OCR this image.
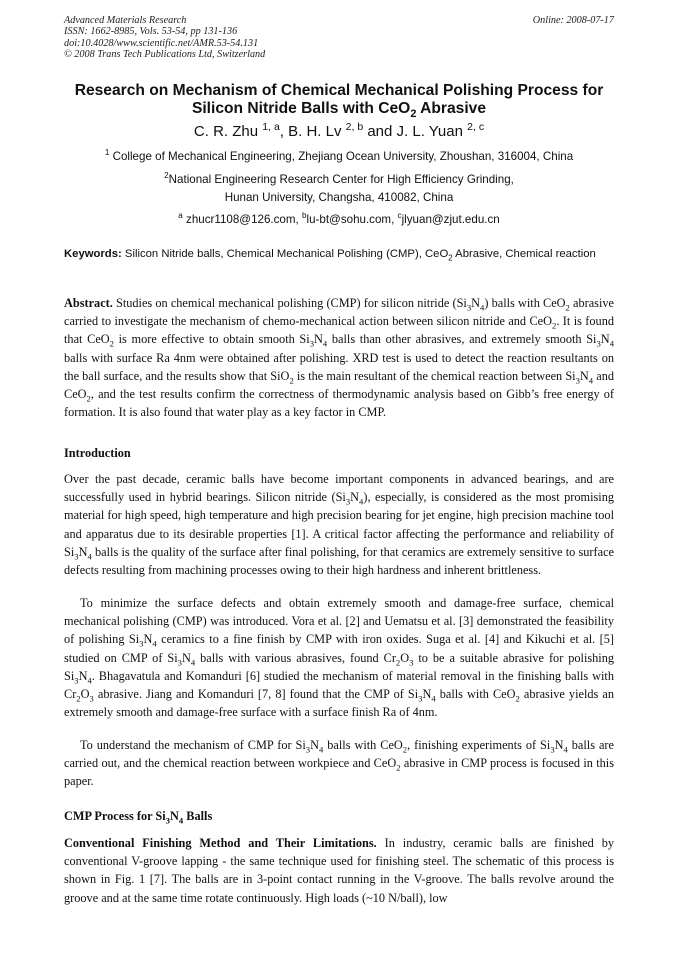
Advanced Materials Research
ISSN: 1662-8985, Vols. 53-54, pp 131-136
doi:10.4028/www.scientific.net/AMR.53-54.131
© 2008 Trans Tech Publications Ltd, Switzerland
Online: 2008-07-17
Research on Mechanism of Chemical Mechanical Polishing Process for
Silicon Nitride Balls with CeO$_2$ Abrasive
C. R. Zhu $^{1, a}$, B. H. Lv $^{2, b}$ and J. L. Yuan $^{2, c}$
$^1$ College of Mechanical Engineering, Zhejiang Ocean University, Zhoushan, 316004, China
$^2$National Engineering Research Center for High Efficiency Grinding,
Hunan University, Changsha, 410082, China
$^a$ zhucr1108@126.com, $^b$lu-bt@sohu.com, $^c$jlyuan@zjut.edu.cn
Keywords: Silicon Nitride balls, Chemical Mechanical Polishing (CMP), CeO$_2$ Abrasive, Chemical reaction
Abstract. Studies on chemical mechanical polishing (CMP) for silicon nitride $(Si_3N_4)$ balls with CeO$_2$ abrasive carried to investigate the mechanism of chemo-mechanical action between silicon nitride and CeO$_2$. It is found that CeO$_2$ is more effective to obtain smooth $Si_3N_4$ balls than other abrasives, and extremely smooth $Si_3N_4$ balls with surface Ra 4nm were obtained after polishing. XRD test is used to detect the reaction resultants on the ball surface, and the results show that SiO$_2$ is the main resultant of the chemical reaction between $Si_3N_4$ and CeO$_2$, and the test results confirm the correctness of thermodynamic analysis based on Gibb’s free energy of formation. It is also found that water play as a key factor in CMP.
Introduction
Over the past decade, ceramic balls have become important components in advanced bearings, and are successfully used in hybrid bearings. Silicon nitride $(Si_3N_4)$, especially, is considered as the most promising material for high speed, high temperature and high precision bearing for jet engine, high precision machine tool and apparatus due to its desirable properties [1]. A critical factor affecting the performance and reliability of $Si_3N_4$ balls is the quality of the surface after final polishing, for that ceramics are extremely sensitive to surface defects resulting from machining processes owing to their high hardness and inherent brittleness.
To minimize the surface defects and obtain extremely smooth and damage-free surface, chemical mechanical polishing (CMP) was introduced. Vora et al. [2] and Uematsu et al. [3] demonstrated the feasibility of polishing $Si_3N_4$ ceramics to a fine finish by CMP with iron oxides. Suga et al. [4] and Kikuchi et al. [5] studied on CMP of $Si_3N_4$ balls with various abrasives, found $Cr_2O_3$ to be a suitable abrasive for polishing $Si_3N_4$. Bhagavatula and Komanduri [6] studied the mechanism of material removal in the finishing balls with $Cr_2O_3$ abrasive. Jiang and Komanduri [7, 8] found that the CMP of $Si_3N_4$ balls with CeO$_2$ abrasive yields an extremely smooth and damage-free surface with a surface finish Ra of 4nm.
To understand the mechanism of CMP for $Si_3N_4$ balls with CeO$_2$, finishing experiments of $Si_3N_4$ balls are carried out, and the chemical reaction between workpiece and CeO$_2$ abrasive in CMP process is focused in this paper.
CMP Process for $Si_3N_4$ Balls
Conventional Finishing Method and Their Limitations. In industry, ceramic balls are finished by conventional V-groove lapping - the same technique used for finishing steel. The schematic of this process is shown in Fig. 1 [7]. The balls are in 3-point contact running in the V-groove. The balls revolve around the groove and at the same time rotate continuously. High loads (~10 N/ball), low
